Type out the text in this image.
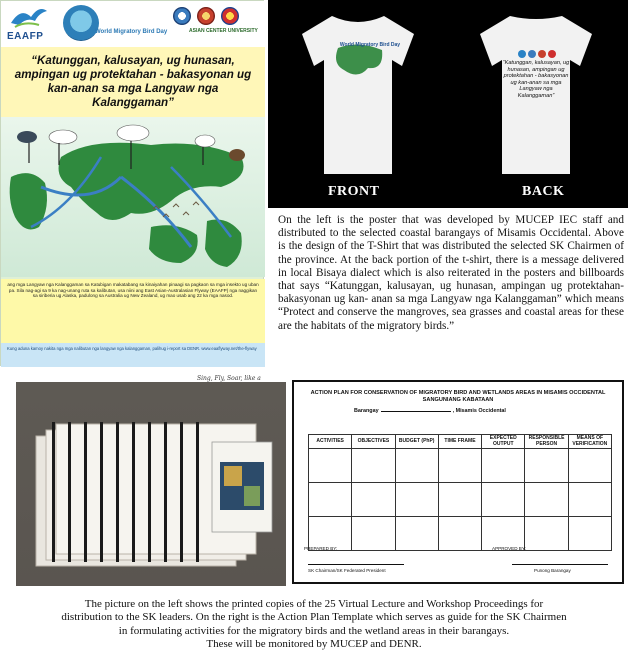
EAAFP	World Migratory Bird Day	ASIAN CENTER UNIVERSITY
“Katunggan, kalusayan, ug hunasan, ampingan ug protektahan - bakasyonan ug kan-anan sa mga Langyaw nga Kalanggaman”
Sing, Fly, Soar, like a
ang mga Langyaw nga Kalanggaman sa Katubigan makatabang sa kinaiyahan pinaagi sa pagkaon sa mga insekto ug uban pa. Sila nag-agi sa 9 ka nag-unang ruta sa kalibutan, usa niini ang East Asian-Australasian Flyway (EAAFP) nga naggikan sa siriberia ug Alaska, padulong sa Australia ug New Zealand, ug mao usab ang 22 ka mga nasod.
Kung aduna kamoy nakita nga mga nalibutan nga langyaw nga kalanggaman, palihug i-report sa DENR. www.eaaflyway.net/the-flyway
World Migratory Bird Day
FRONT
“Katunggan, kalusayan, ug hunasan, ampingan ug protektahan - bakasyonan ug kan-anan sa mga Langyaw nga Kalanggaman”
BACK

On the left is the poster that was developed by MUCEP IEC staff and distributed to the selected coastal barangays of Misamis Occidental. Above is the design of the T-Shirt that was distributed the selected SK Chairmen of the province. At the back portion of the t-shirt, there is a message delivered in local Bisaya dialect which is also reiterated in the posters and billboards that says “Katunggan, kalusayan, ug hunasan, ampingan ug protektahan-bakasyonan ug kan- anan sa mga Langyaw nga Kalanggaman” which means “Protect and conserve the mangroves, sea grasses and coastal areas for these are the habitats of the migratory birds.”

ACTION PLAN FOR CONSERVATION OF MIGRATORY BIRD AND WETLANDS AREAS IN MISAMIS OCCIDENTAL
SANGUNIANG KABATAAN
Barangay	, Misamis Occidental
ACTIVITIES	OBJECTIVES	BUDGET (PhP)	TIME FRAME	EXPECTED OUTPUT	RESPONSIBLE PERSON	MEANS OF VERIFICATION

PREPARED BY:	APPROVED BY:
SK Chairman/SK Federated President	Punong Barangay
The picture on the left shows the printed copies of the 25 Virtual Lecture and Workshop Proceedings for
distribution to the SK leaders. On the right is the Action Plan Template which serves as guide for the SK Chairmen
in formulating activities for the migratory birds and the wetland areas in their barangays.
These will be monitored by MUCEP and DENR.
